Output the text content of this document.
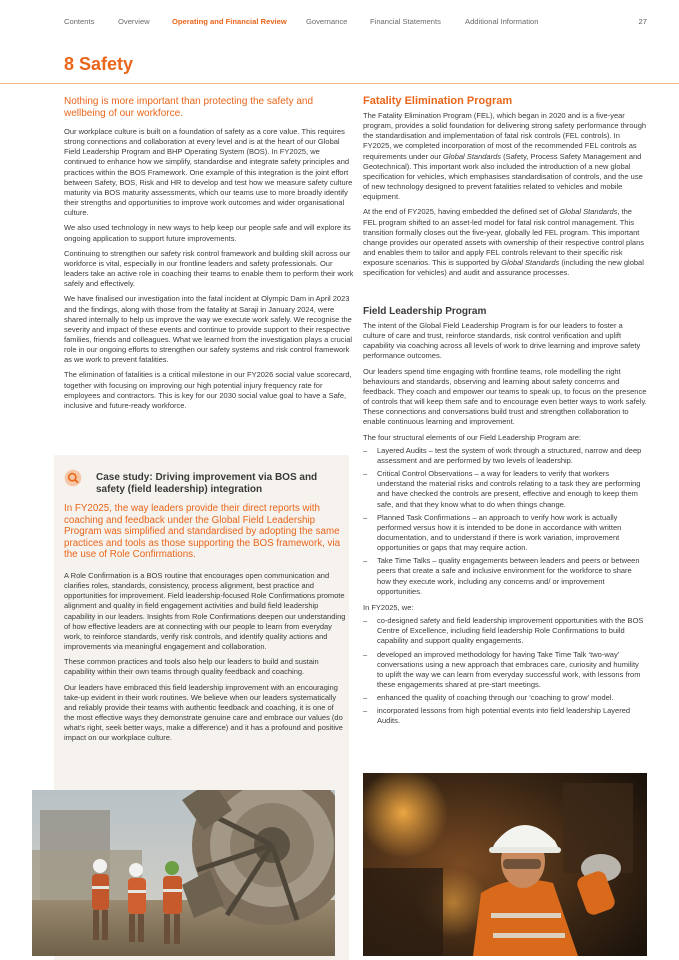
Contents	Overview	Operating and Financial Review	Governance	Financial Statements	Additional Information	27
8 Safety
Nothing is more important than protecting the safety and wellbeing of our workforce.

Our workplace culture is built on a foundation of safety as a core value. This requires strong connections and collaboration at every level and is at the heart of our Global Field Leadership Program and BHP Operating System (BOS). In FY2025, we continued to enhance how we simplify, standardise and integrate safety principles and practices within the BOS Framework. One example of this integration is the joint effort between Safety, BOS, Risk and HR to develop and test how we measure safety culture maturity via BOS maturity assessments, which our teams use to more broadly identify their strengths and opportunities to improve work outcomes and wider organisational culture.

We also used technology in new ways to help keep our people safe and will explore its ongoing application to support future improvements.

Continuing to strengthen our safety risk control framework and building skill across our workforce is vital, especially in our frontline leaders and safety professionals. Our leaders take an active role in coaching their teams to enable them to perform their work safely and effectively.

We have finalised our investigation into the fatal incident at Olympic Dam in April 2023 and the findings, along with those from the fatality at Saraji in January 2024, were shared internally to help us improve the way we execute work safely. We recognise the severity and impact of these events and continue to provide support to their respective families, friends and colleagues. What we learned from the investigation plays a crucial role in our ongoing efforts to strengthen our safety systems and risk control framework as we work to prevent fatalities.

The elimination of fatalities is a critical milestone in our FY2026 social value scorecard, together with focusing on improving our high potential injury frequency rate for employees and contractors. This is key for our 2030 social value goal to have a Safe, inclusive and future-ready workforce.

Case study: Driving improvement via BOS and safety (field leadership) integration
In FY2025, the way leaders provide their direct reports with coaching and feedback under the Global Field Leadership Program was simplified and standardised by adopting the same practices and tools as those supporting the BOS framework, via the use of Role Confirmations.

A Role Confirmation is a BOS routine that encourages open communication and clarifies roles, standards, consistency, process alignment, best practice and opportunities for improvement. Field leadership-focused Role Confirmations promote alignment and quality in field engagement activities and build field leadership capability in our leaders. Insights from Role Confirmations deepen our understanding of how effective leaders are at connecting with our people to learn from everyday work, to reinforce standards, verify risk controls, and identify quality actions and improvements via meaningful engagement and collaboration.

These common practices and tools also help our leaders to build and sustain capability within their own teams through quality feedback and coaching.

Our leaders have embraced this field leadership improvement with an encouraging take-up evident in their work routines. We believe when our leaders systematically and reliably provide their teams with authentic feedback and coaching, it is one of the most effective ways they demonstrate genuine care and embrace our values (do what's right, seek better ways, make a difference) and it has a profound and positive impact on our workplace culture.

Fatality Elimination Program

The Fatality Elimination Program (FEL), which began in 2020 and is a five-year program, provides a solid foundation for delivering strong safety performance through the standardisation and implementation of fatal risk controls (FEL controls). In FY2025, we completed incorporation of most of the recommended FEL controls as requirements under our Global Standards (Safety, Process Safety Management and Geotechnical). This important work also included the introduction of a new global specification for vehicles, which emphasises standardisation of controls, and the use of new technology designed to prevent fatalities related to vehicles and mobile equipment.

At the end of FY2025, having embedded the defined set of Global Standards, the FEL program shifted to an asset-led model for fatal risk control management. This transition formally closes out the five-year, globally led FEL program. This important change provides our operated assets with ownership of their respective control plans and enables them to tailor and apply FEL controls relevant to their specific risk exposure scenarios. This is supported by Global Standards (including the new global specification for vehicles) and audit and assurance processes.

Field Leadership Program

The intent of the Global Field Leadership Program is for our leaders to foster a culture of care and trust, reinforce standards, risk control verification and uplift capability via coaching across all levels of work to drive learning and improve safety performance outcomes.

Our leaders spend time engaging with frontline teams, role modelling the right behaviours and standards, observing and learning about safety concerns and feedback. They coach and empower our teams to speak up, to focus on the presence of controls that will keep them safe and to encourage even better ways to work safely. These connections and conversations build trust and strengthen collaboration to enable continuous learning and improvement.

The four structural elements of our Field Leadership Program are:

– Layered Audits – test the system of work through a structured, narrow and deep assessment and are performed by two levels of leadership.
– Critical Control Observations – a way for leaders to verify that workers understand the material risks and controls relating to a task they are performing and have checked the controls are present, effective and enough to keep them safe, and that they know what to do when things change.
– Planned Task Confirmations – an approach to verify how work is actually performed versus how it is intended to be done in accordance with written documentation, and to understand if there is work variation, improvement opportunities or gaps that may require action.
– Take Time Talks – quality engagements between leaders and peers or between peers that create a safe and inclusive environment for the workforce to share how they execute work, including any concerns and/ or improvement opportunities.

In FY2025, we:

– co-designed safety and field leadership improvement opportunities with the BOS Centre of Excellence, including field leadership Role Confirmations to build capability and support quality engagements.
– developed an improved methodology for having Take Time Talk ‘two-way’ conversations using a new approach that embraces care, curiosity and humility to uplift the way we can learn from everyday successful work, with lessons from these engagements shared at pre-start meetings.
– enhanced the quality of coaching through our ‘coaching to grow’ model.
– incorporated lessons from high potential events into field leadership Layered Audits.
